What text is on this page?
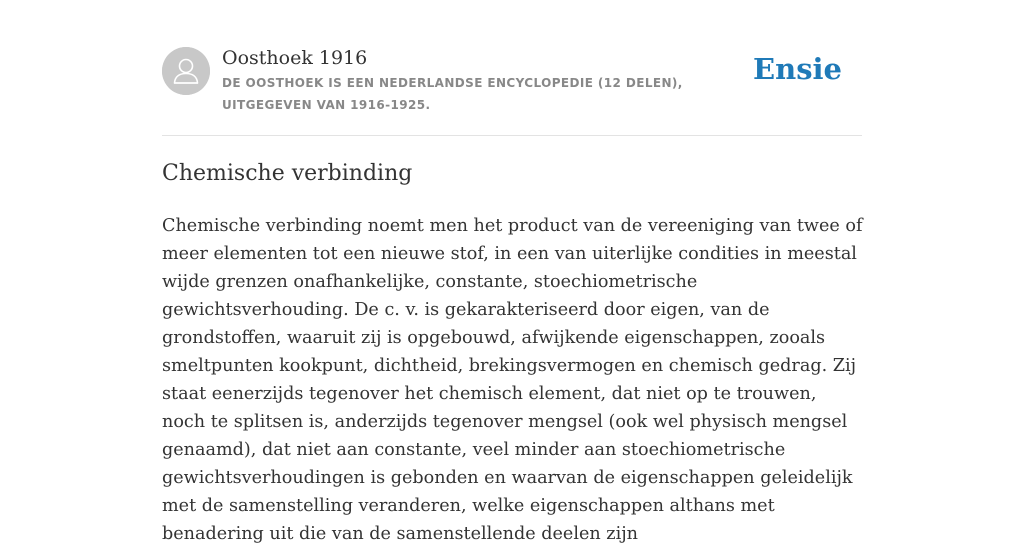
Oosthoek 1916
DE OOSTHOEK IS EEN NEDERLANDSE ENCYCLOPEDIE (12 DELEN), UITGEGEVEN VAN 1916-1925.
Ensie
Chemische verbinding

Chemische verbinding noemt men het product van de vereeniging van twee of meer elementen tot een nieuwe stof, in een van uiterlijke condities in meestal wijde grenzen onafhankelijke, constante, stoechiometrische gewichtsverhouding. De c. v. is gekarakteriseerd door eigen, van de grondstoffen, waaruit zij is opgebouwd, afwijkende eigenschappen, zooals smeltpunten kookpunt, dichtheid, brekingsvermogen en chemisch gedrag. Zij staat eenerzijds tegenover het chemisch element, dat niet op te trouwen, noch te splitsen is, anderzijds tegenover mengsel (ook wel physisch mengsel genaamd), dat niet aan constante, veel minder aan stoechiometrische gewichtsverhoudingen is gebonden en waarvan de eigenschappen geleidelijk met de samenstelling veranderen, welke eigenschappen althans met benadering uit die van de samenstellende deelen zijn
